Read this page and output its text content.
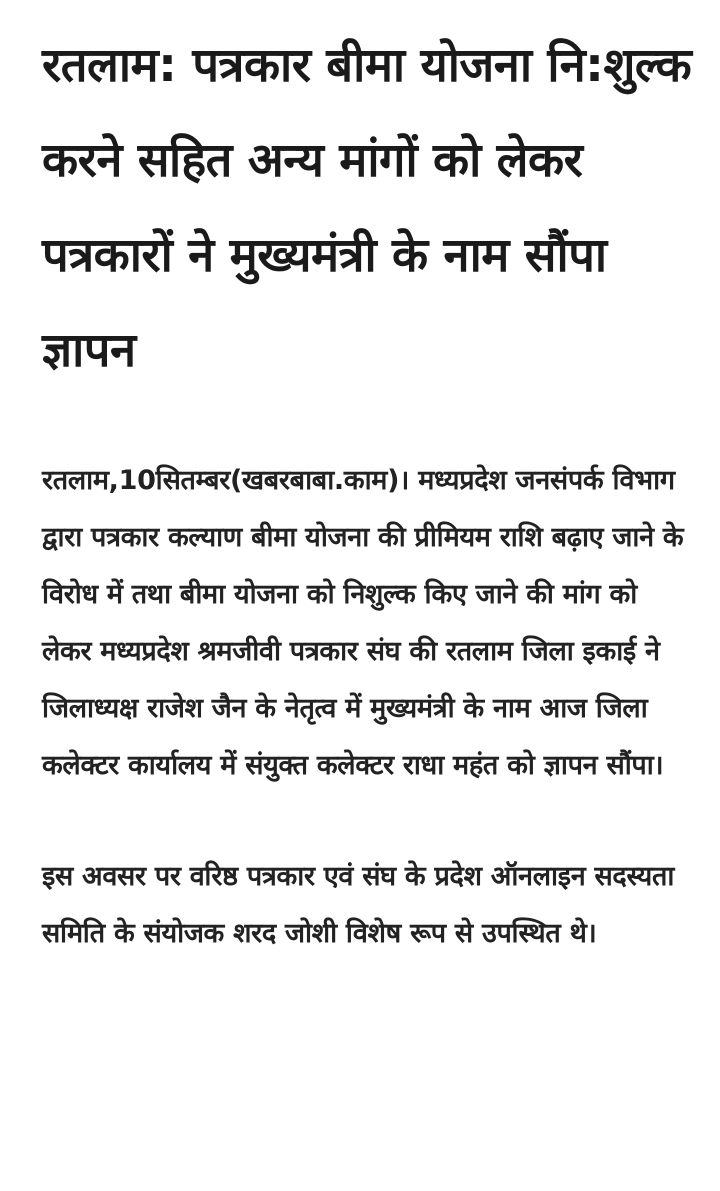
रतलाम: पत्रकार बीमा योजना नि:शुल्क करने सहित अन्य मांगों को लेकर पत्रकारों ने मुख्यमंत्री के नाम सौंपा ज्ञापन

रतलाम,10सितम्बर(खबरबाबा.काम)। मध्यप्रदेश जनसंपर्क विभाग द्वारा पत्रकार कल्याण बीमा योजना की प्रीमियम राशि बढ़ाए जाने के विरोध में तथा बीमा योजना को निशुल्क किए जाने की मांग को लेकर मध्यप्रदेश श्रमजीवी पत्रकार संघ की रतलाम जिला इकाई ने जिलाध्यक्ष राजेश जैन के नेतृत्व में मुख्यमंत्री के नाम आज जिला कलेक्टर कार्यालय में संयुक्त कलेक्टर राधा महंत को ज्ञापन सौंपा।

इस अवसर पर वरिष्ठ पत्रकार एवं संघ के प्रदेश ऑनलाइन सदस्यता समिति के संयोजक शरद जोशी विशेष रूप से उपस्थित थे।
